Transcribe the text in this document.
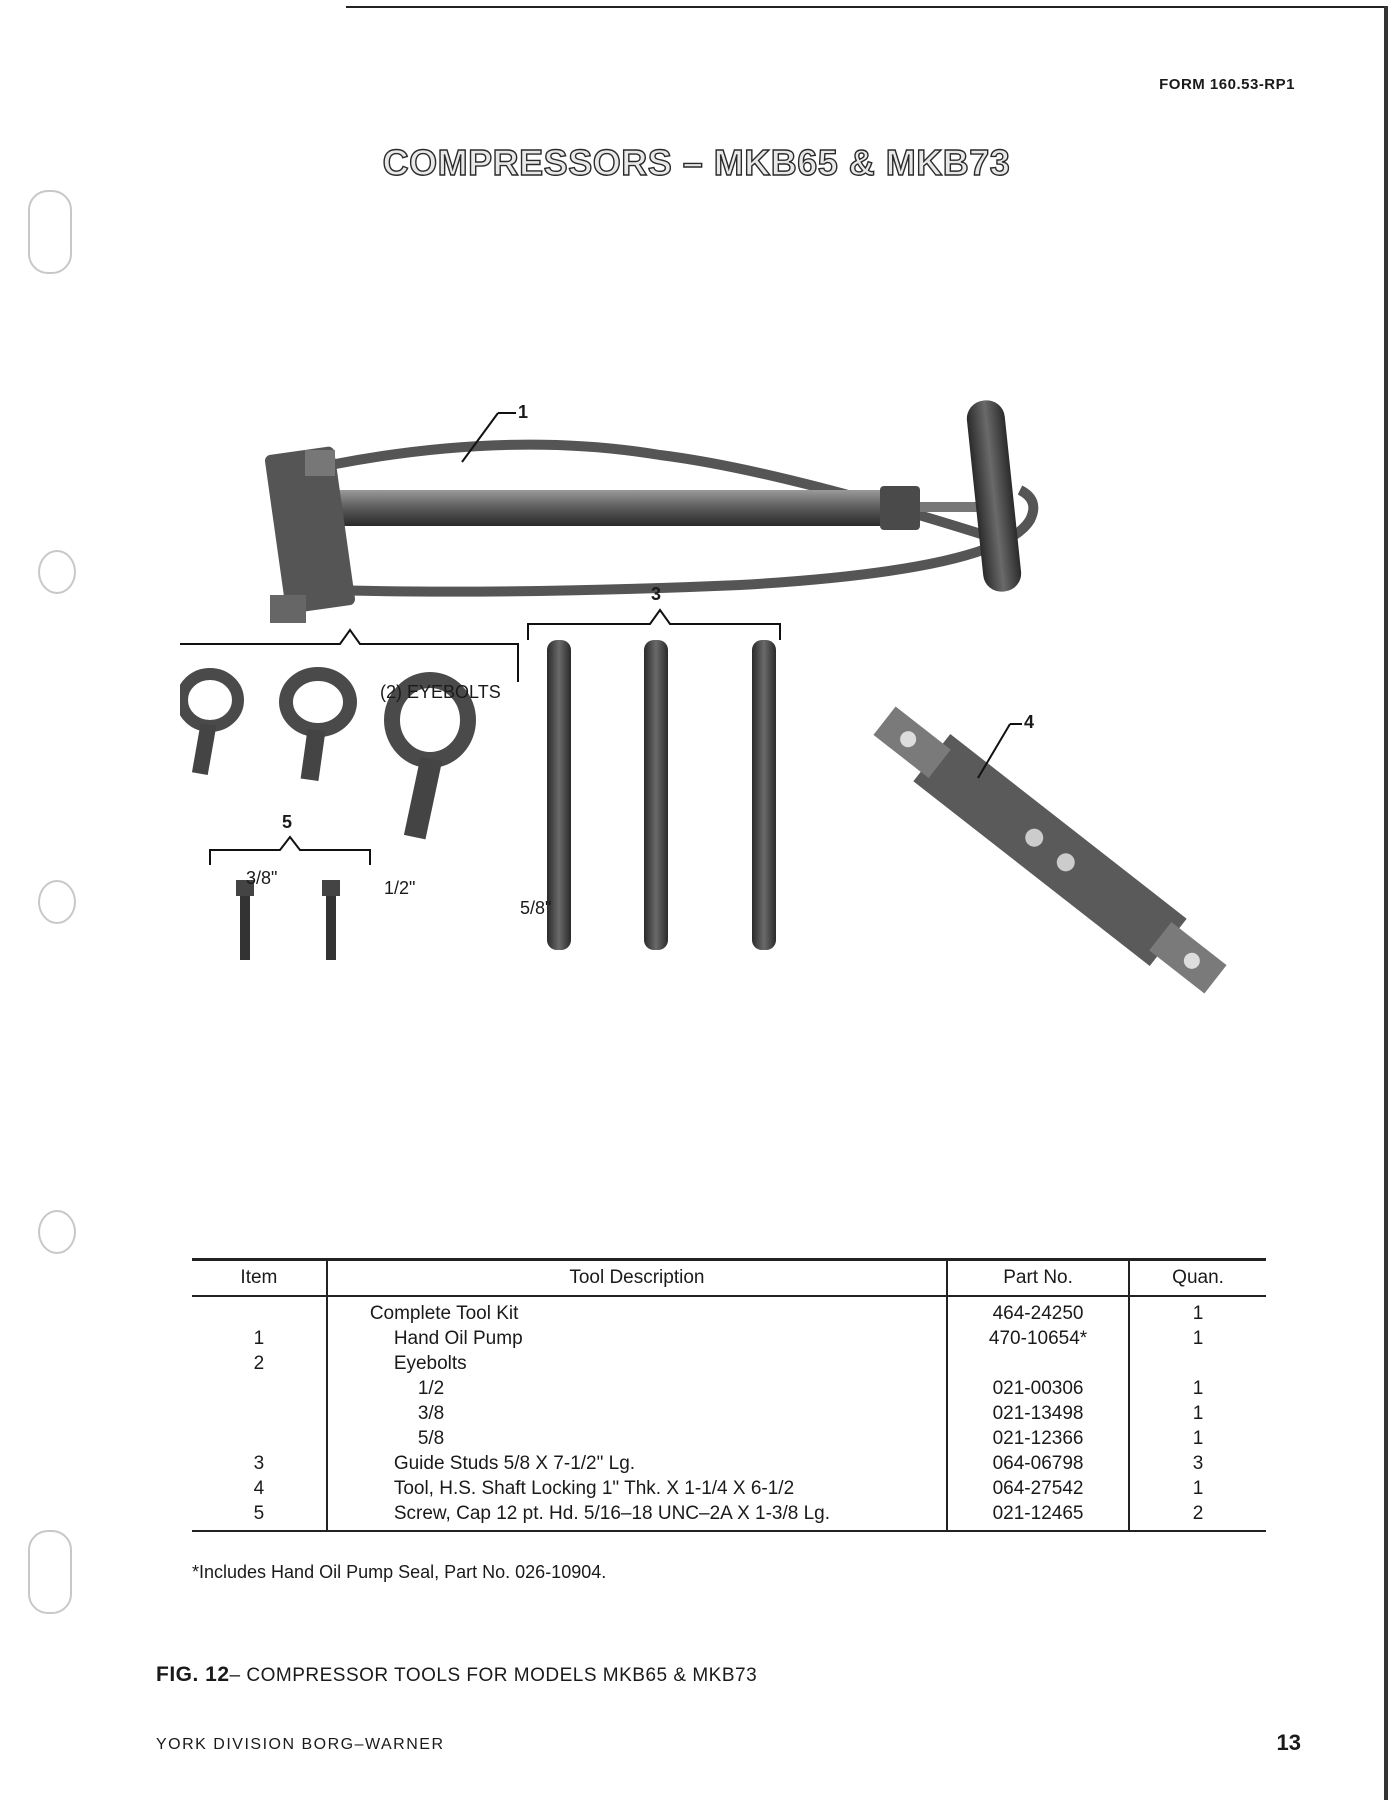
FORM 160.53-RP1
COMPRESSORS – MKB65 & MKB73
1
3
4
5
(2) EYEBOLTS
3/8"	1/2"
5/8"
Item	Tool Description	Part No.	Quan.
	Complete Tool Kit	464-24250	1
1	Hand Oil Pump	470-10654*	1
2	Eyebolts		
	1/2	021-00306	1
	3/8	021-13498	1
	5/8	021-12366	1
3	Guide Studs 5/8 X 7-1/2" Lg.	064-06798	3
4	Tool, H.S. Shaft Locking 1" Thk. X 1-1/4 X 6-1/2	064-27542	1
5	Screw, Cap 12 pt. Hd. 5/16–18 UNC–2A X 1-3/8 Lg.	021-12465	2
*Includes Hand Oil Pump Seal, Part No. 026-10904.
FIG. 12– COMPRESSOR TOOLS FOR MODELS MKB65 & MKB73
YORK DIVISION BORG–WARNER	13
